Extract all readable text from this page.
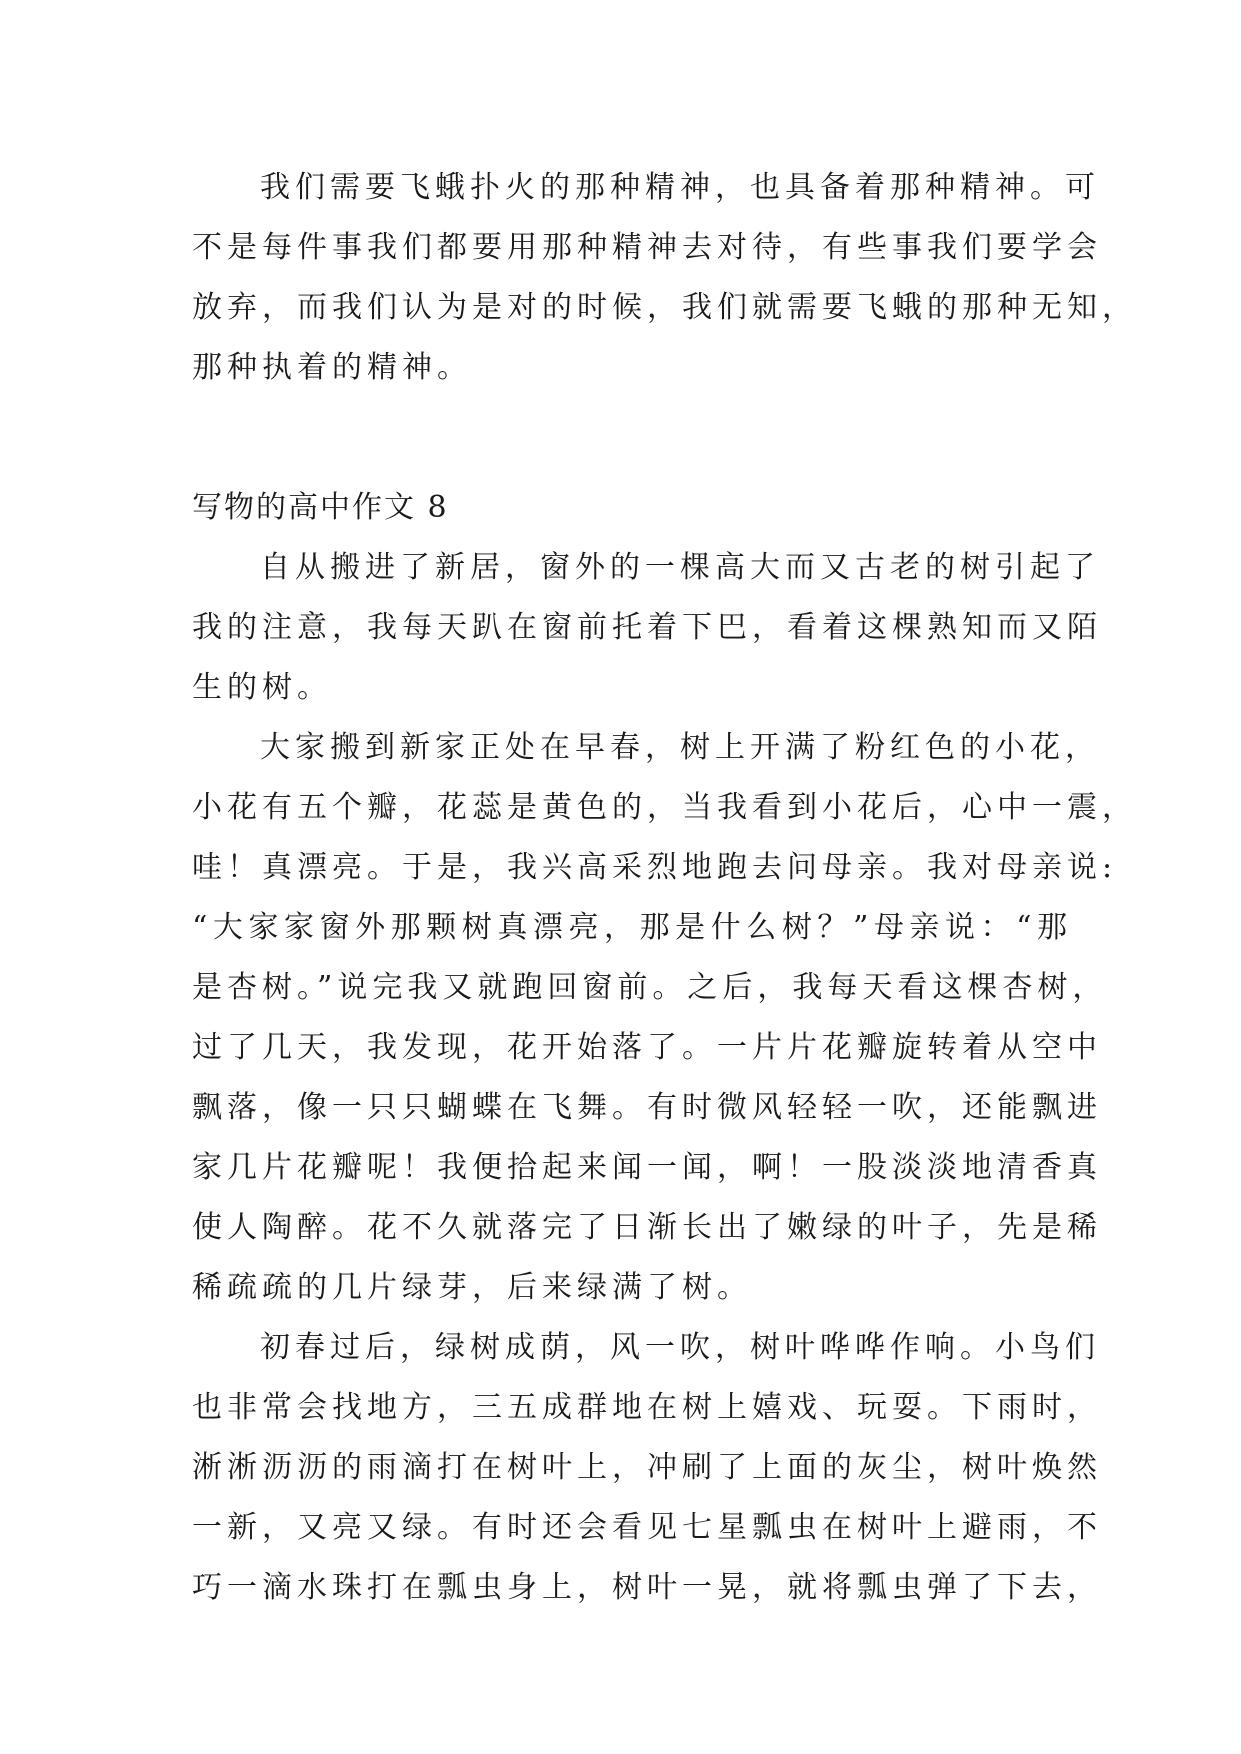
我们需要飞蛾扑火的那种精神，也具备着那种精神。可
不是每件事我们都要用那种精神去对待，有些事我们要学会
放弃，而我们认为是对的时候，我们就需要飞蛾的那种无知，
那种执着的精神。
写物的高中作文 8
自从搬进了新居，窗外的一棵高大而又古老的树引起了
我的注意，我每天趴在窗前托着下巴，看着这棵熟知而又陌
生的树。
大家搬到新家正处在早春，树上开满了粉红色的小花，
小花有五个瓣，花蕊是黄色的，当我看到小花后，心中一震，
哇！真漂亮。于是，我兴高采烈地跑去问母亲。我对母亲说:
“大家家窗外那颗树真漂亮，那是什么树？”母亲说：“那
是杏树。”说完我又就跑回窗前。之后，我每天看这棵杏树，
过了几天，我发现，花开始落了。一片片花瓣旋转着从空中
飘落，像一只只蝴蝶在飞舞。有时微风轻轻一吹，还能飘进
家几片花瓣呢！我便拾起来闻一闻，啊！一股淡淡地清香真
使人陶醉。花不久就落完了日渐长出了嫩绿的叶子，先是稀
稀疏疏的几片绿芽，后来绿满了树。
初春过后，绿树成荫，风一吹，树叶哗哗作响。小鸟们
也非常会找地方，三五成群地在树上嬉戏、玩耍。下雨时，
淅淅沥沥的雨滴打在树叶上，冲刷了上面的灰尘，树叶焕然
一新，又亮又绿。有时还会看见七星瓢虫在树叶上避雨，不
巧一滴水珠打在瓢虫身上，树叶一晃，就将瓢虫弹了下去，
